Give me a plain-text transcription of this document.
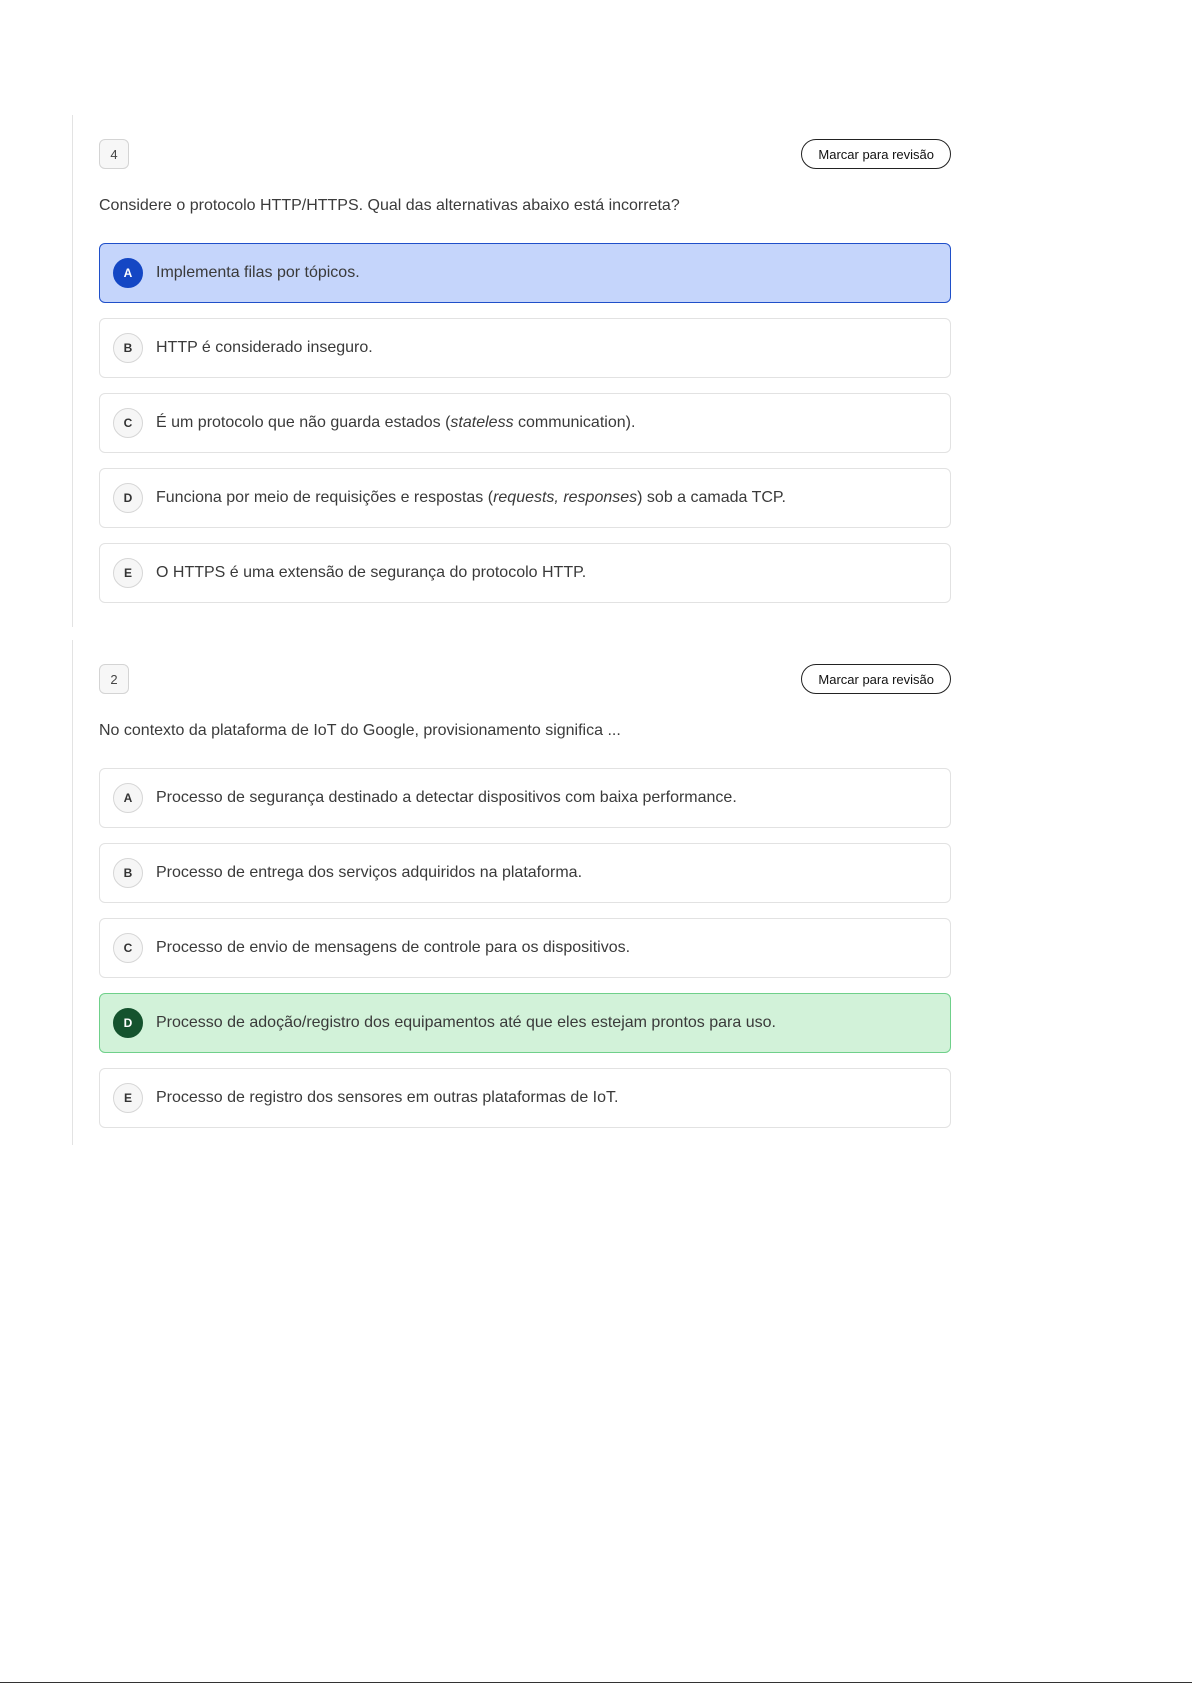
4	Marcar para revisão
Considere o protocolo HTTP/HTTPS. Qual das alternativas abaixo está incorreta?
A	Implementa filas por tópicos.
B	HTTP é considerado inseguro.
C	É um protocolo que não guarda estados (stateless communication).
D	Funciona por meio de requisições e respostas (requests, responses) sob a camada TCP.
E	O HTTPS é uma extensão de segurança do protocolo HTTP.
2	Marcar para revisão
No contexto da plataforma de IoT do Google, provisionamento significa ...
A	Processo de segurança destinado a detectar dispositivos com baixa performance.
B	Processo de entrega dos serviços adquiridos na plataforma.
C	Processo de envio de mensagens de controle para os dispositivos.
D	Processo de adoção/registro dos equipamentos até que eles estejam prontos para uso.
E	Processo de registro dos sensores em outras plataformas de IoT.
